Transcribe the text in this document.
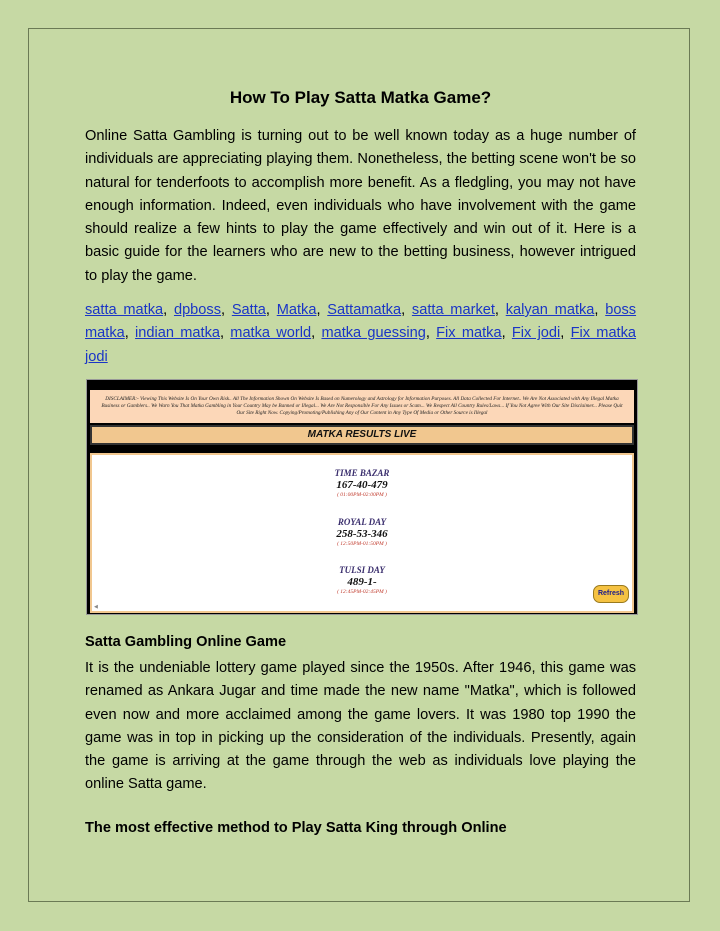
How To Play Satta Matka Game?

Online Satta Gambling is turning out to be well known today as a huge number of individuals are appreciating playing them. Nonetheless, the betting scene won't be so natural for tenderfoots to accomplish more benefit. As a fledgling, you may not have enough information. Indeed, even individuals who have involvement with the game should realize a few hints to play the game effectively and win out of it. Here is a basic guide for the learners who are new to the betting business, however intrigued to play the game.

satta matka, dpboss, Satta, Matka, Sattamatka, satta market, kalyan matka, boss matka, indian matka, matka world, matka guessing, Fix matka, Fix jodi, Fix matka jodi

Satta Gambling Online Game

It is the undeniable lottery game played since the 1950s. After 1946, this game was renamed as Ankara Jugar and time made the new name "Matka", which is followed even now and more acclaimed among the game lovers. It was 1980 top 1990 the game was in top in picking up the consideration of the individuals. Presently, again the game is arriving at the game through the web as individuals love playing the online Satta game.

The most effective method to Play Satta King through Online

DISCLAIMER:- Viewing This Website Is On Your Own Risk.. All The Information Shown On Website Is Based on Numerology and Astrology for Information Purposes. All Data Collected For Internet.. We Are Not Associated with Any Illegal Matka Business or Gamblers.. We Warn You That Matka Gambling in Your Country May be Banned or Illegal... We Are Not Responsible For Any Issues or Scam... We Respect All Country Rules/Laws... If You Not Agree With Our Site Disclaimer... Please Quit Our Site Right Now. Copying/Promoting/Publishing Any of Our Content in Any Type Of Media or Other Source is Illegal
MATKA RESULTS LIVE
TIME BAZAR
167-40-479
( 01:00PM-02:00PM )
ROYAL DAY
258-53-346
( 12:50PM-01:50PM )
TULSI DAY
489-1-
( 12:45PM-02:45PM )	Refresh
◀
